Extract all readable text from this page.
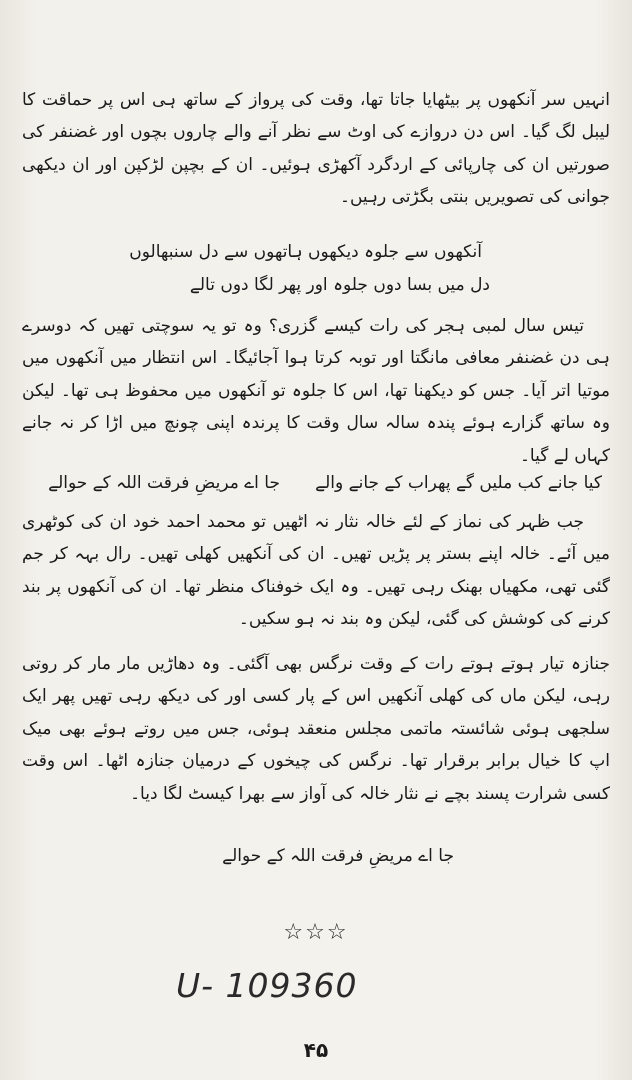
انہیں سر آنکھوں پر بیٹھایا جاتا تھا، وقت کی پرواز کے ساتھ ہی اس پر حماقت کا لیبل لگ گیا۔ اس دن دروازے کی اوٹ سے نظر آنے والے چاروں بچوں اور غضنفر کی صورتیں ان کی چارپائی کے اردگرد آکھڑی ہوئیں۔ ان کے بچپن لڑکپن اور ان دیکھی جوانی کی تصویریں بنتی بگڑتی رہیں۔

آنکھوں سے جلوہ دیکھوں ہاتھوں سے دل سنبھالوں
دل میں بسا دوں جلوہ اور پھر لگا دوں تالے

تیس سال لمبی ہجر کی رات کیسے گزری؟ وہ تو یہ سوچتی تھیں کہ دوسرے ہی دن غضنفر معافی مانگتا اور توبہ کرتا ہوا آجائیگا۔ اس انتظار میں آنکھوں میں موتیا اتر آیا۔ جس کو دیکھنا تھا، اس کا جلوہ تو آنکھوں میں محفوظ ہی تھا۔ لیکن وہ ساتھ گزارے ہوئے پندہ سالہ سال وقت کا پرندہ اپنی چونچ میں اڑا کر نہ جانے کہاں لے گیا۔

کیا جانے کب ملیں گے پھراب کے جانے والے
جا اے مریضِ فرقت اللہ کے حوالے

جب ظہر کی نماز کے لئے خالہ نثار نہ اٹھیں تو محمد احمد خود ان کی کوٹھری میں آئے۔ خالہ اپنے بستر پر پڑیں تھیں۔ ان کی آنکھیں کھلی تھیں۔ رال بہہ کر جم گئی تھی، مکھیاں بھنک رہی تھیں۔ وہ ایک خوفناک منظر تھا۔ ان کی آنکھوں پر بند کرنے کی کوشش کی گئی، لیکن وہ بند نہ ہو سکیں۔

جنازہ تیار ہوتے ہوتے رات کے وقت نرگس بھی آگئی۔ وہ دھاڑیں مار مار کر روتی رہی، لیکن ماں کی کھلی آنکھیں اس کے پار کسی اور کی دیکھ رہی تھیں پھر ایک سلجھی ہوئی شائستہ ماتمی مجلس منعقد ہوئی، جس میں روتے ہوئے بھی میک اپ کا خیال برابر برقرار تھا۔ نرگس کی چیخوں کے درمیان جنازہ اٹھا۔ اس وقت کسی شرارت پسند بچے نے نثار خالہ کی آواز سے بھرا کیسٹ لگا دیا۔

جا اے مریضِ فرقت اللہ کے حوالے
☆☆☆
U- 109360
۴۵
